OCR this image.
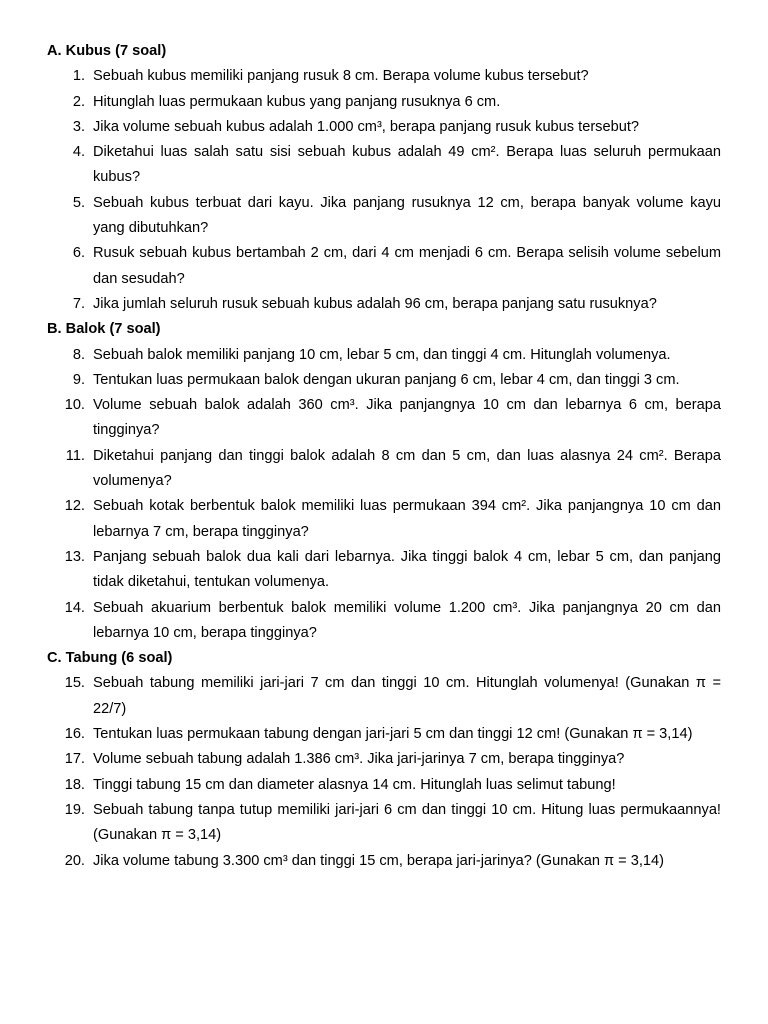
A. Kubus (7 soal)

1. Sebuah kubus memiliki panjang rusuk 8 cm. Berapa volume kubus tersebut?
2. Hitunglah luas permukaan kubus yang panjang rusuknya 6 cm.
3. Jika volume sebuah kubus adalah 1.000 cm³, berapa panjang rusuk kubus tersebut?
4. Diketahui luas salah satu sisi sebuah kubus adalah 49 cm². Berapa luas seluruh permukaan kubus?
5. Sebuah kubus terbuat dari kayu. Jika panjang rusuknya 12 cm, berapa banyak volume kayu yang dibutuhkan?
6. Rusuk sebuah kubus bertambah 2 cm, dari 4 cm menjadi 6 cm. Berapa selisih volume sebelum dan sesudah?
7. Jika jumlah seluruh rusuk sebuah kubus adalah 96 cm, berapa panjang satu rusuknya?

B. Balok (7 soal)

8. Sebuah balok memiliki panjang 10 cm, lebar 5 cm, dan tinggi 4 cm. Hitunglah volumenya.
9. Tentukan luas permukaan balok dengan ukuran panjang 6 cm, lebar 4 cm, dan tinggi 3 cm.
10. Volume sebuah balok adalah 360 cm³. Jika panjangnya 10 cm dan lebarnya 6 cm, berapa tingginya?
11. Diketahui panjang dan tinggi balok adalah 8 cm dan 5 cm, dan luas alasnya 24 cm². Berapa volumenya?
12. Sebuah kotak berbentuk balok memiliki luas permukaan 394 cm². Jika panjangnya 10 cm dan lebarnya 7 cm, berapa tingginya?
13. Panjang sebuah balok dua kali dari lebarnya. Jika tinggi balok 4 cm, lebar 5 cm, dan panjang tidak diketahui, tentukan volumenya.
14. Sebuah akuarium berbentuk balok memiliki volume 1.200 cm³. Jika panjangnya 20 cm dan lebarnya 10 cm, berapa tingginya?

C. Tabung (6 soal)

15. Sebuah tabung memiliki jari-jari 7 cm dan tinggi 10 cm. Hitunglah volumenya! (Gunakan π = 22/7)
16. Tentukan luas permukaan tabung dengan jari-jari 5 cm dan tinggi 12 cm! (Gunakan π = 3,14)
17. Volume sebuah tabung adalah 1.386 cm³. Jika jari-jarinya 7 cm, berapa tingginya?
18. Tinggi tabung 15 cm dan diameter alasnya 14 cm. Hitunglah luas selimut tabung!
19. Sebuah tabung tanpa tutup memiliki jari-jari 6 cm dan tinggi 10 cm. Hitung luas permukaannya! (Gunakan π = 3,14)
20. Jika volume tabung 3.300 cm³ dan tinggi 15 cm, berapa jari-jarinya? (Gunakan π = 3,14)
